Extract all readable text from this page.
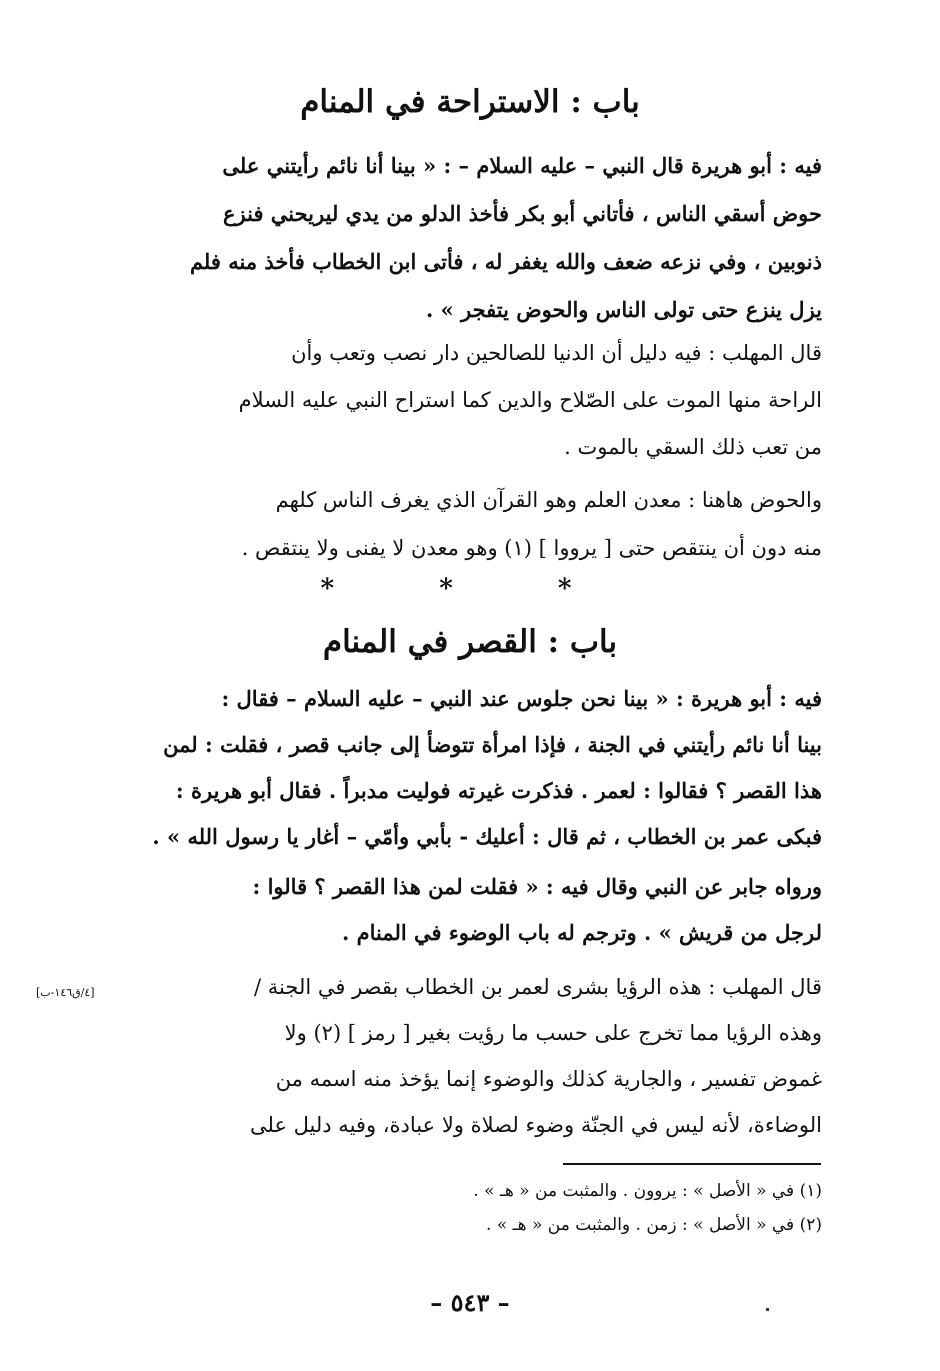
باب : الاستراحة في المنام
فيه : أبو هريرة قال النبي – عليه السلام – : « بينا أنا نائم رأيتني على
حوض أسقي الناس ، فأتاني أبو بكر فأخذ الدلو من يدي ليريحني فنزع
ذنوبين ، وفي نزعه ضعف والله يغفر له ، فأتى ابن الخطاب فأخذ منه فلم
يزل ينزع حتى تولى الناس والحوض يتفجر » .
قال المهلب : فيه دليل أن الدنيا للصالحين دار نصب وتعب وأن
الراحة منها الموت على الصّلاح والدين كما استراح النبي عليه السلام
من تعب ذلك السقي بالموت .
والحوض هاهنا : معدن العلم وهو القرآن الذي يغرف الناس كلهم
منه دون أن ينتقص حتى [ يرووا ] (١) وهو معدن لا يفنى ولا ينتقص .
* * *
باب : القصر في المنام
فيه : أبو هريرة : « بينا نحن جلوس عند النبي – عليه السلام – فقال :
بينا أنا نائم رأيتني في الجنة ، فإذا امرأة تتوضأ إلى جانب قصر ، فقلت : لمن
هذا القصر ؟ فقالوا : لعمر . فذكرت غيرته فوليت مدبراً . فقال أبو هريرة :
فبكى عمر بن الخطاب ، ثم قال : أعليك - بأبي وأمّي – أغار يا رسول الله » .
ورواه جابر عن النبي وقال فيه : « فقلت لمن هذا القصر ؟ قالوا :
لرجل من قريش » . وترجم له باب الوضوء في المنام .
[٤/ق١٤٦-ب]	قال المهلب : هذه الرؤيا بشرى لعمر بن الخطاب بقصر في الجنة /
وهذه الرؤيا مما تخرج على حسب ما رؤيت بغير [ رمز ] (٢) ولا
غموض تفسير ، والجارية كذلك والوضوء إنما يؤخذ منه اسمه من
الوضاءة، لأنه ليس في الجنّة وضوء لصلاة ولا عبادة، وفيه دليل على
(١) في « الأصل » : يروون . والمثبت من « هـ » .
(٢) في « الأصل » : زمن . والمثبت من « هـ » .
– ٥٤٣ –
